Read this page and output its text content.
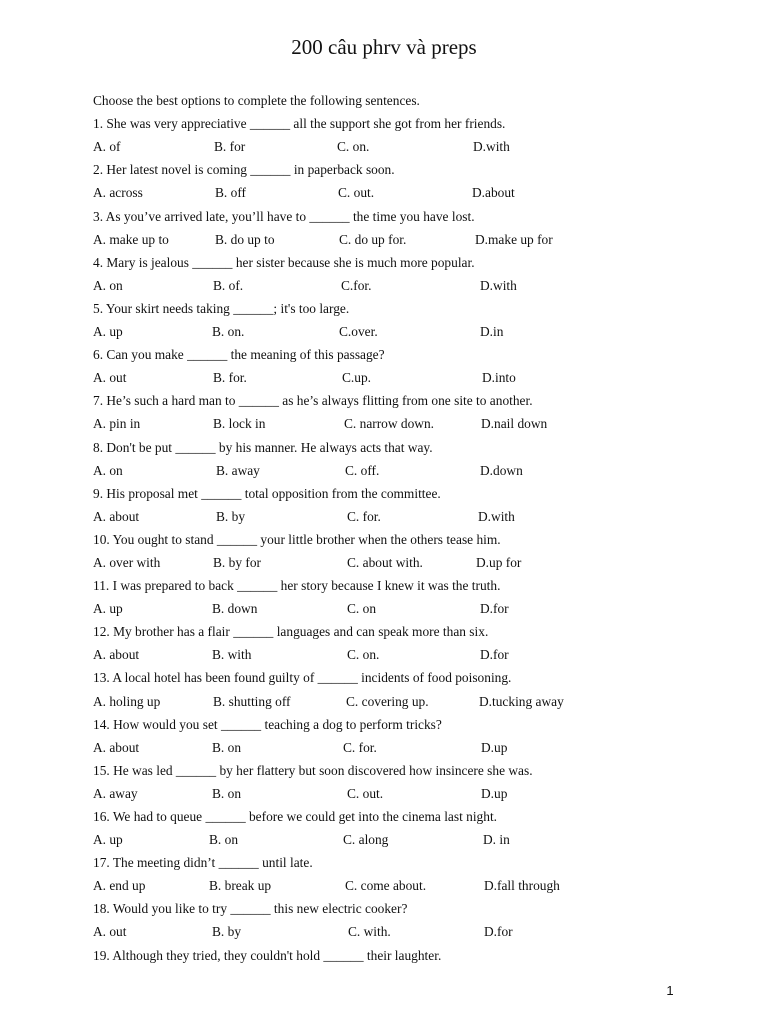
200 câu phrv và preps
Choose the best options to complete the following sentences.
1. She was very appreciative ______ all the support she got from her friends.
A. of	B. for	C. on.	D.with
2. Her latest novel is coming ______ in paperback soon.
A. across	B. off	C. out.	D.about
3. As you’ve arrived late, you’ll have to ______ the time you have lost.
A. make up to	B. do up to	C. do up for.	D.make up for
4. Mary is jealous ______ her sister because she is much more popular.
A. on	B. of.	C.for.	D.with
5. Your skirt needs taking ______; it's too large.
A. up	B. on.	C.over.	D.in
6. Can you make ______ the meaning of this passage?
A. out	B. for.	C.up.	D.into
7. He’s such a hard man to ______ as he’s always flitting from one site to another.
A. pin in	B. lock in	C. narrow down.	D.nail down
8. Don't be put ______ by his manner. He always acts that way.
A. on	B. away	C. off.	D.down
9. His proposal met ______ total opposition from the committee.
A. about	B. by	C. for.	D.with
10. You ought to stand ______ your little brother when the others tease him.
A. over with	B. by for	C. about with.	D.up for
11. I was prepared to back ______ her story because I knew it was the truth.
A. up	B. down	C. on	D.for
12. My brother has a flair ______ languages and can speak more than six.
A. about	B. with	C. on.	D.for
13. A local hotel has been found guilty of ______ incidents of food poisoning.
A. holing up	B. shutting off	C. covering up.	D.tucking away
14. How would you set ______ teaching a dog to perform tricks?
A. about	B. on	C. for.	D.up
15. He was led ______ by her flattery but soon discovered how insincere she was.
A. away	B. on	C. out.	D.up
16. We had to queue ______ before we could get into the cinema last night.
A. up	B. on	C. along	D. in
17. The meeting didn’t ______ until late.
A. end up	B. break up	C. come about.	D.fall through
18. Would you like to try ______ this new electric cooker?
A. out	B. by	C. with.	D.for
19. Although they tried, they couldn't hold ______ their laughter.
1
